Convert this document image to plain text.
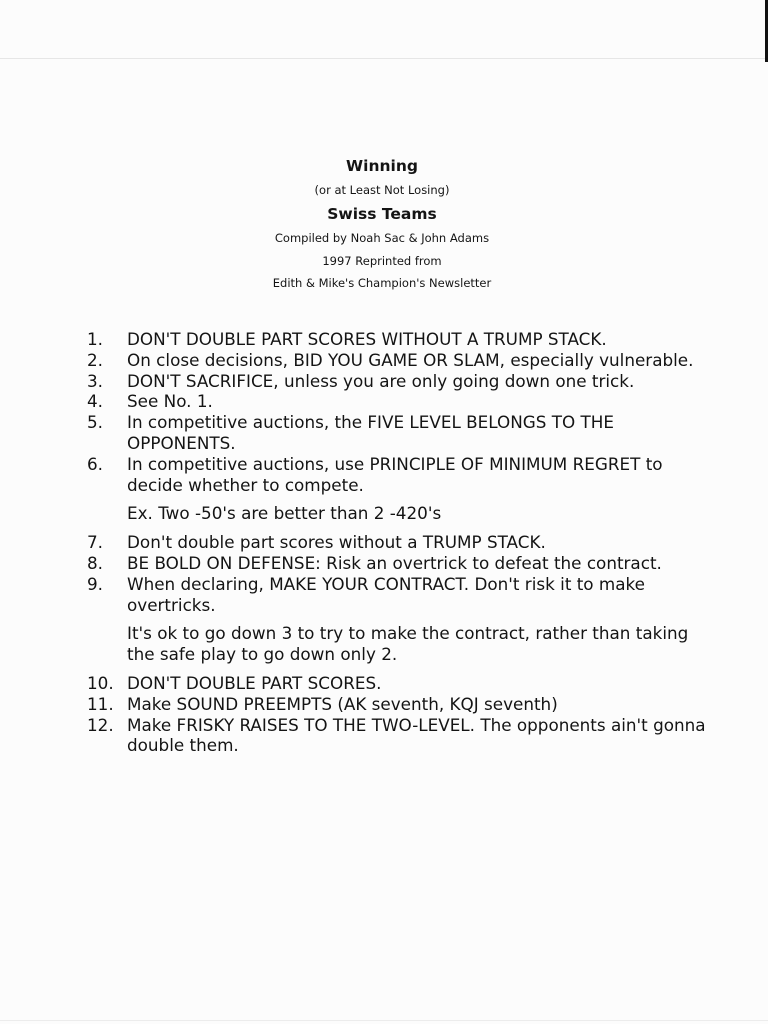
Winning
(or at Least Not Losing)
Swiss Teams
Compiled by Noah Sac & John Adams
1997 Reprinted from
Edith & Mike's Champion's Newsletter
1.	DON'T DOUBLE PART SCORES WITHOUT A TRUMP STACK.
2.	On close decisions, BID YOU GAME OR SLAM, especially vulnerable.
3.	DON'T SACRIFICE, unless you are only going down one trick.
4.	See No. 1.
5.	In competitive auctions, the FIVE LEVEL BELONGS TO THE OPPONENTS.
6.	In competitive auctions, use PRINCIPLE OF MINIMUM REGRET to decide whether to compete.
Ex. Two -50's are better than 2 -420's
7.	Don't double part scores without a TRUMP STACK.
8.	BE BOLD ON DEFENSE: Risk an overtrick to defeat the contract.
9.	When declaring, MAKE YOUR CONTRACT. Don't risk it to make overtricks.
It's ok to go down 3 to try to make the contract, rather than taking the safe play to go down only 2.
10. DON'T DOUBLE PART SCORES.
11. Make SOUND PREEMPTS (AK seventh, KQJ seventh)
12. Make FRISKY RAISES TO THE TWO-LEVEL. The opponents ain't gonna double them.
